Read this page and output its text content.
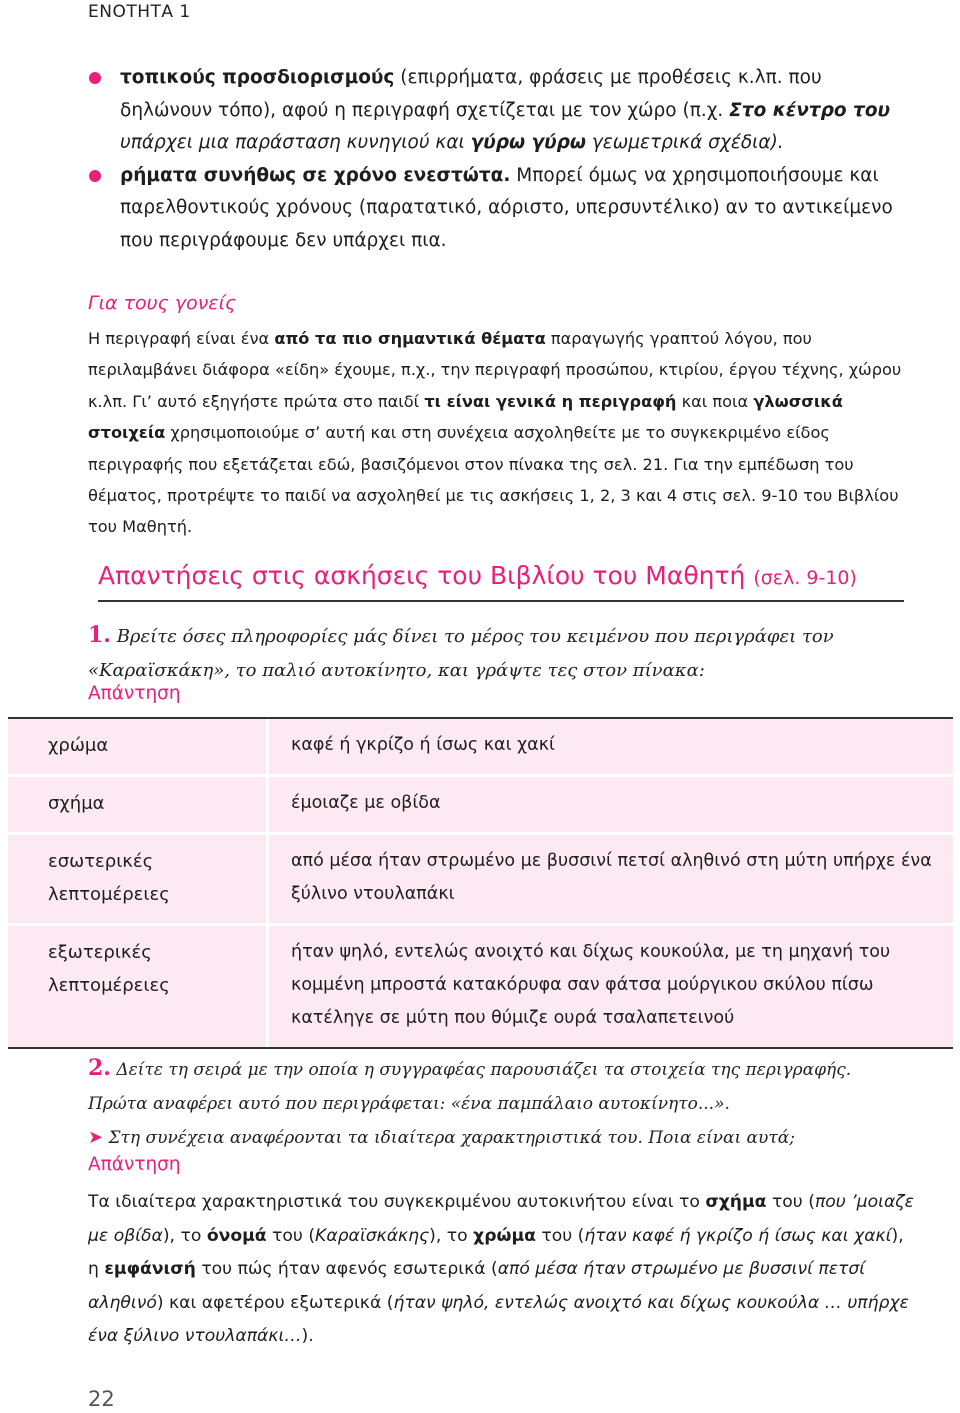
ΕΝΟΤΗΤΑ 1
τοπικούς προσδιορισμούς (επιρρήματα, φράσεις με προθέσεις κ.λπ. που δηλώνουν τόπο), αφού η περιγραφή σχετίζεται με τον χώρο (π.χ. Στο κέντρο του υπάρχει μια παράσταση κυνηγιού και γύρω γύρω γεωμετρικά σχέδια).
ρήματα συνήθως σε χρόνο ενεστώτα. Μπορεί όμως να χρησιμοποιήσουμε και παρελθοντικούς χρόνους (παρατατικό, αόριστο, υπερσυντέλικο) αν το αντικείμενο που περιγράφουμε δεν υπάρχει πια.
Για τους γονείς
Η περιγραφή είναι ένα από τα πιο σημαντικά θέματα παραγωγής γραπτού λόγου, που περιλαμβάνει διάφορα «είδη» έχουμε, π.χ., την περιγραφή προσώπου, κτιρίου, έργου τέχνης, χώρου κ.λπ. Γι’ αυτό εξηγήστε πρώτα στο παιδί τι είναι γενικά η περιγραφή και ποια γλωσσικά στοιχεία χρησιμοποιούμε σ’ αυτή και στη συνέχεια ασχοληθείτε με το συγκεκριμένο είδος περιγραφής που εξετάζεται εδώ, βασιζόμενοι στον πίνακα της σελ. 21. Για την εμπέδωση του θέματος, προτρέψτε το παιδί να ασχοληθεί με τις ασκήσεις 1, 2, 3 και 4 στις σελ. 9-10 του Βιβλίου του Μαθητή.
Απαντήσεις στις ασκήσεις του Βιβλίου του Μαθητή (σελ. 9-10)
1. Βρείτε όσες πληροφορίες μάς δίνει το μέρος του κειμένου που περιγράφει τον «Καραϊσκάκη», το παλιό αυτοκίνητο, και γράψτε τες στον πίνακα:
Απάντηση
χρώμα	καφέ ή γκρίζο ή ίσως και χακί
σχήμα	έμοιαζε με οβίδα
εσωτερικές λεπτομέρειες
από μέσα ήταν στρωμένο με βυσσινί πετσί αληθινό στη μύτη υπήρχε ένα ξύλινο ντουλαπάκι
εξωτερικές λεπτομέρειες
ήταν ψηλό, εντελώς ανοιχτό και δίχως κουκούλα, με τη μηχανή του κομμένη μπροστά κατακόρυφα σαν φάτσα μούργικου σκύλου πίσω κατέληγε σε μύτη που θύμιζε ουρά τσαλαπετεινού
2. Δείτε τη σειρά με την οποία η συγγραφέας παρουσιάζει τα στοιχεία της περιγραφής.
Πρώτα αναφέρει αυτό που περιγράφεται: «ένα παμπάλαιο αυτοκίνητο...».
➤ Στη συνέχεια αναφέρονται τα ιδιαίτερα χαρακτηριστικά του. Ποια είναι αυτά;
Απάντηση
Τα ιδιαίτερα χαρακτηριστικά του συγκεκριμένου αυτοκινήτου είναι το σχήμα του (που ’μοιαζε με οβίδα), το όνομά του (Καραϊσκάκης), το χρώμα του (ήταν καφέ ή γκρίζο ή ίσως και χακί), η εμφάνισή του πώς ήταν αφενός εσωτερικά (από μέσα ήταν στρωμένο με βυσσινί πετσί αληθινό) και αφετέρου εξωτερικά (ήταν ψηλό, εντελώς ανοιχτό και δίχως κουκούλα … υπήρχε ένα ξύλινο ντουλαπάκι…).
22
